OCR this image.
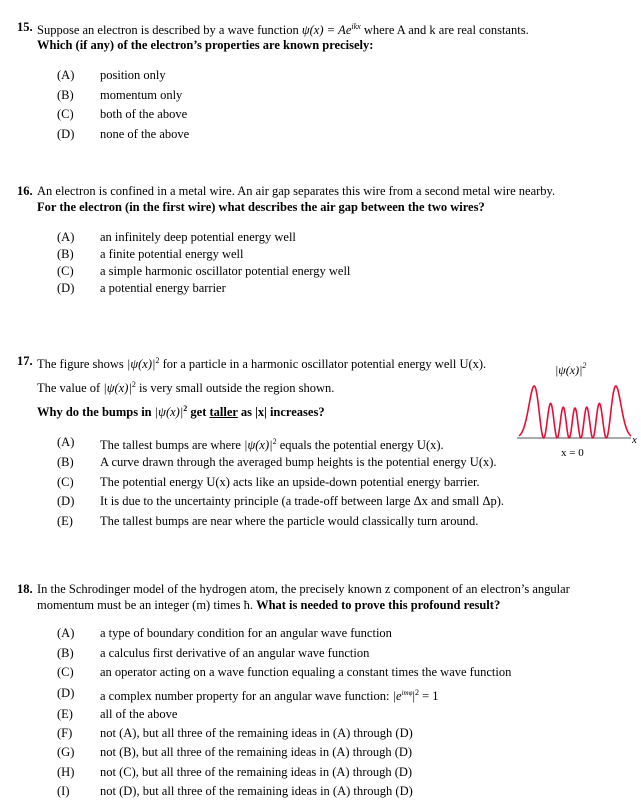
15. Suppose an electron is described by a wave function $\psi(x) = Ae^{ikx}$ where A and k are real constants.
Which (if any) of the electron’s properties are known precisely:
(A)	position only
(B)	momentum only
(C)	both of the above
(D)	none of the above
16. An electron is confined in a metal wire. An air gap separates this wire from a second metal wire nearby.
For the electron (in the first wire) what describes the air gap between the two wires?
(A)	an infinitely deep potential energy well
(B)	a finite potential energy well
(C)	a simple harmonic oscillator potential energy well
(D)	a potential energy barrier
17. The figure shows $|\psi(x)|^2$ for a particle in a harmonic oscillator potential energy well U(x).
The value of $|\psi(x)|^2$ is very small outside the region shown.
Why do the bumps in $|\psi(x)|^2$ get taller as |x| increases?
$|\psi(x)|^2$
x
x = 0
(A)	The tallest bumps are where $|\psi(x)|^2$ equals the potential energy U(x).
(B)	A curve drawn through the averaged bump heights is the potential energy U(x).
(C)	The potential energy U(x) acts like an upside-down potential energy barrier.
(D)	It is due to the uncertainty principle (a trade-off between large Δx and small Δp).
(E)	The tallest bumps are near where the particle would classically turn around.
18. In the Schrodinger model of the hydrogen atom, the precisely known z component of an electron’s angular
momentum must be an integer (m) times ħ. What is needed to prove this profound result?
(A)	a type of boundary condition for an angular wave function
(B)	a calculus first derivative of an angular wave function
(C)	an operator acting on a wave function equaling a constant times the wave function
(D)	a complex number property for an angular wave function: $|e^{im\varphi}|^2 = 1$
(E)	all of the above
(F)	not (A), but all three of the remaining ideas in (A) through (D)
(G)	not (B), but all three of the remaining ideas in (A) through (D)
(H)	not (C), but all three of the remaining ideas in (A) through (D)
(I)	not (D), but all three of the remaining ideas in (A) through (D)
